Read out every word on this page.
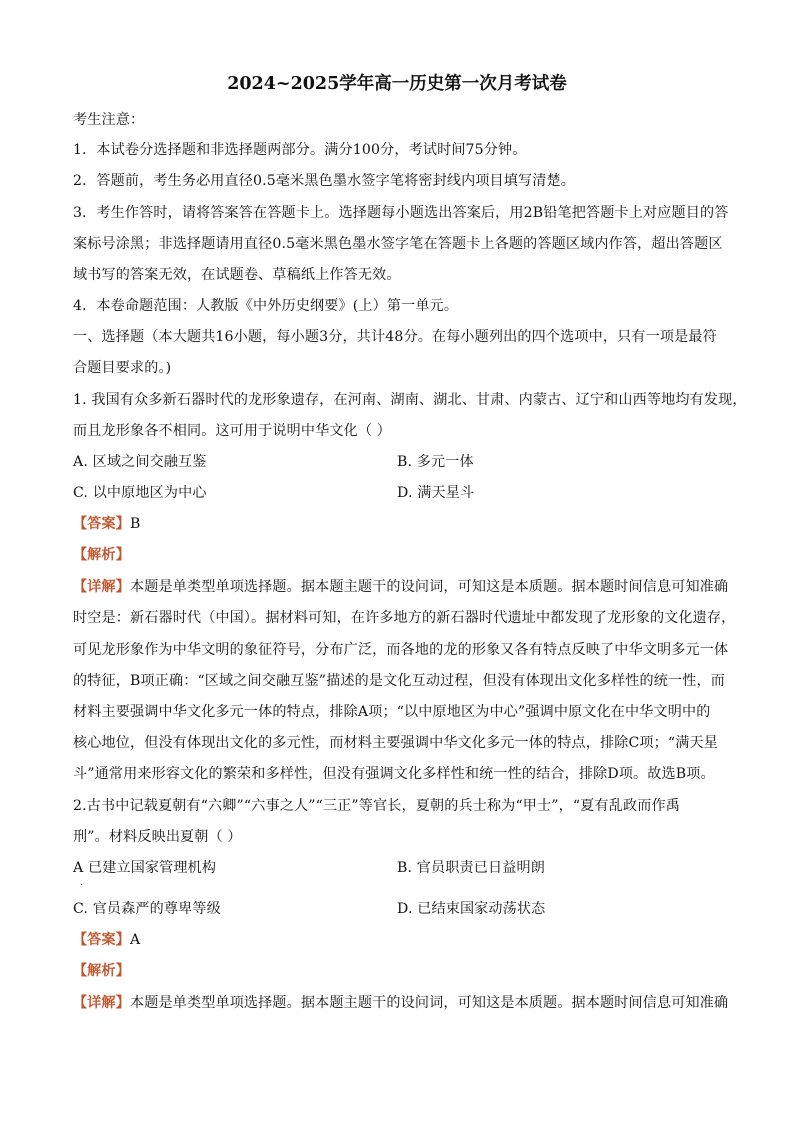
2024~2025学年高一历史第一次月考试卷
考生注意：
1．本试卷分选择题和非选择题两部分。满分100分，考试时间75分钟。
2．答题前，考生务必用直径0.5毫米黑色墨水签字笔将密封线内项目填写清楚。
3．考生作答时，请将答案答在答题卡上。选择题每小题选出答案后，用2B铅笔把答题卡上对应题目的答
案标号涂黑；非选择题请用直径0.5毫米黑色墨水签字笔在答题卡上各题的答题区域内作答，超出答题区
域书写的答案无效，在试题卷、草稿纸上作答无效。
4．本卷命题范围：人教版《中外历史纲要》(上）第一单元。
一、选择题（本大题共16小题，每小题3分，共计48分。在每小题列出的四个选项中，只有一项是最符
合题目要求的。)
1. 我国有众多新石器时代的龙形象遗存，在河南、湖南、湖北、甘肃、内蒙古、辽宁和山西等地均有发现，
而且龙形象各不相同。这可用于说明中华文化（ ）
A. 区域之间交融互鉴	B. 多元一体
C. 以中原地区为中心	D. 满天星斗
【答案】B
【解析】
【详解】本题是单类型单项选择题。据本题主题干的设问词，可知这是本质题。据本题时间信息可知准确
时空是：新石器时代（中国）。据材料可知，在许多地方的新石器时代遗址中都发现了龙形象的文化遗存，
可见龙形象作为中华文明的象征符号，分布广泛，而各地的龙的形象又各有特点反映了中华文明多元一体
的特征，B项正确：“区域之间交融互鉴”描述的是文化互动过程，但没有体现出文化多样性的统一性，而
材料主要强调中华文化多元一体的特点，排除A项；“以中原地区为中心”强调中原文化在中华文明中的
核心地位，但没有体现出文化的多元性，而材料主要强调中华文化多元一体的特点，排除C项；“满天星
斗”通常用来形容文化的繁荣和多样性，但没有强调文化多样性和统一性的结合，排除D项。故选B项。
2.古书中记载夏朝有“六卿”“六事之人”“三正”等官长，夏朝的兵士称为“甲士”，“夏有乱政而作禹
刑”。材料反映出夏朝（ ）
A 已建立国家管理机构	B. 官员职责已日益明朗
·
C. 官员森严的尊卑等级	D. 已结束国家动荡状态
【答案】A
【解析】
【详解】本题是单类型单项选择题。据本题主题干的设问词，可知这是本质题。据本题时间信息可知准确
